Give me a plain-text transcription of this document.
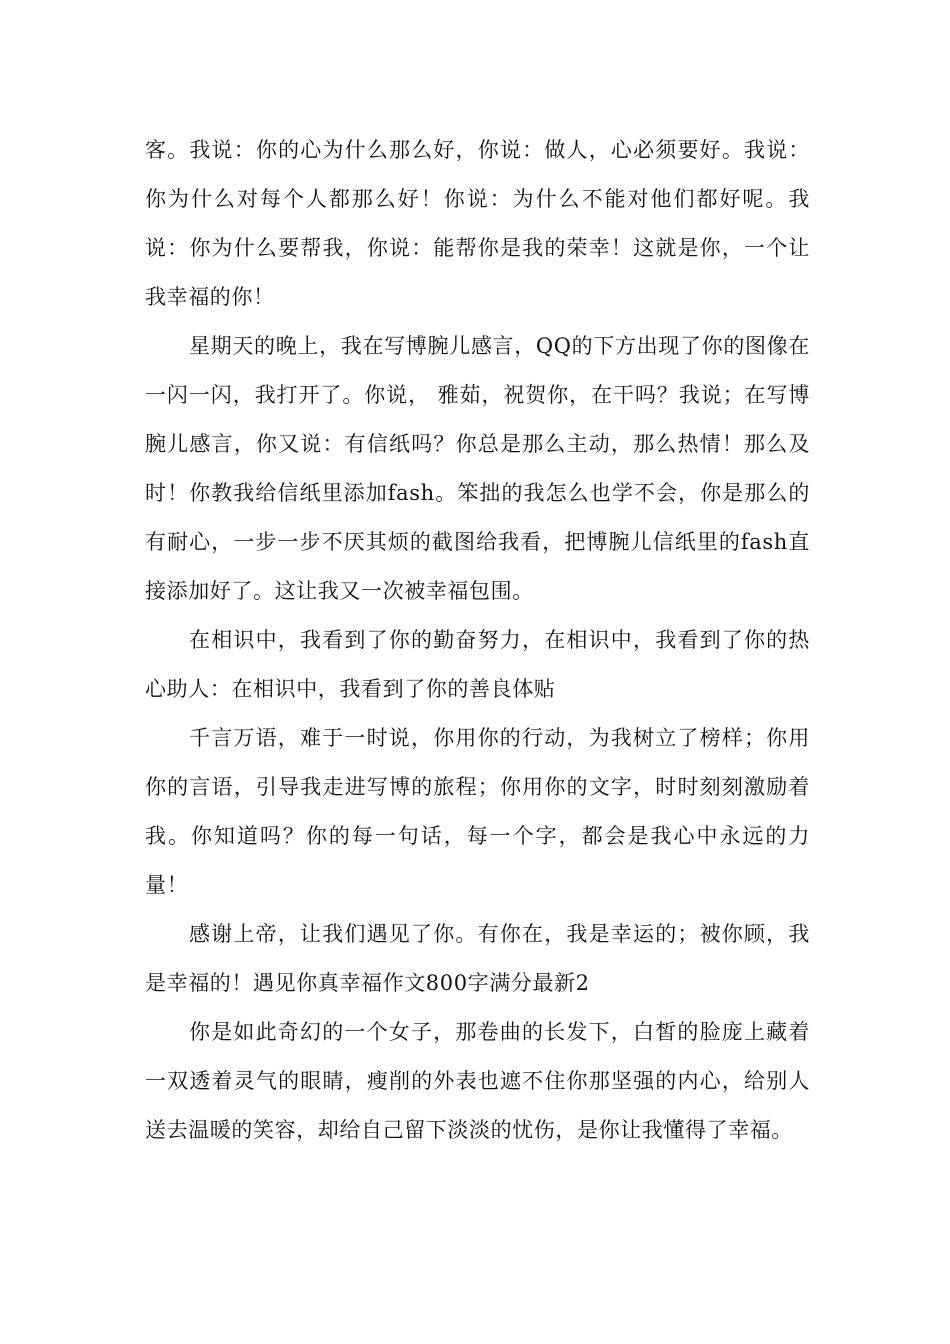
客。我说：你的心为什么那么好，你说：做人，心必须要好。我说：你为什么对每个人都那么好！你说：为什么不能对他们都好呢。我说：你为什么要帮我，你说：能帮你是我的荣幸！这就是你，一个让我幸福的你！

星期天的晚上，我在写博腕儿感言，QQ的下方出现了你的图像在一闪一闪，我打开了。你说， 雅茹，祝贺你，在干吗？我说；在写博腕儿感言，你又说：有信纸吗？你总是那么主动，那么热情！那么及时！你教我给信纸里添加fash。笨拙的我怎么也学不会，你是那么的有耐心，一步一步不厌其烦的截图给我看，把博腕儿信纸里的fash直接添加好了。这让我又一次被幸福包围。

在相识中，我看到了你的勤奋努力，在相识中，我看到了你的热心助人：在相识中，我看到了你的善良体贴

千言万语，难于一时说，你用你的行动，为我树立了榜样；你用你的言语，引导我走进写博的旅程；你用你的文字，时时刻刻激励着我。你知道吗？你的每一句话，每一个字，都会是我心中永远的力量！

感谢上帝，让我们遇见了你。有你在，我是幸运的；被你顾，我是幸福的！遇见你真幸福作文800字满分最新2

你是如此奇幻的一个女子，那卷曲的长发下，白皙的脸庞上藏着一双透着灵气的眼睛，瘦削的外表也遮不住你那坚强的内心，给别人送去温暖的笑容，却给自己留下淡淡的忧伤，是你让我懂得了幸福。
